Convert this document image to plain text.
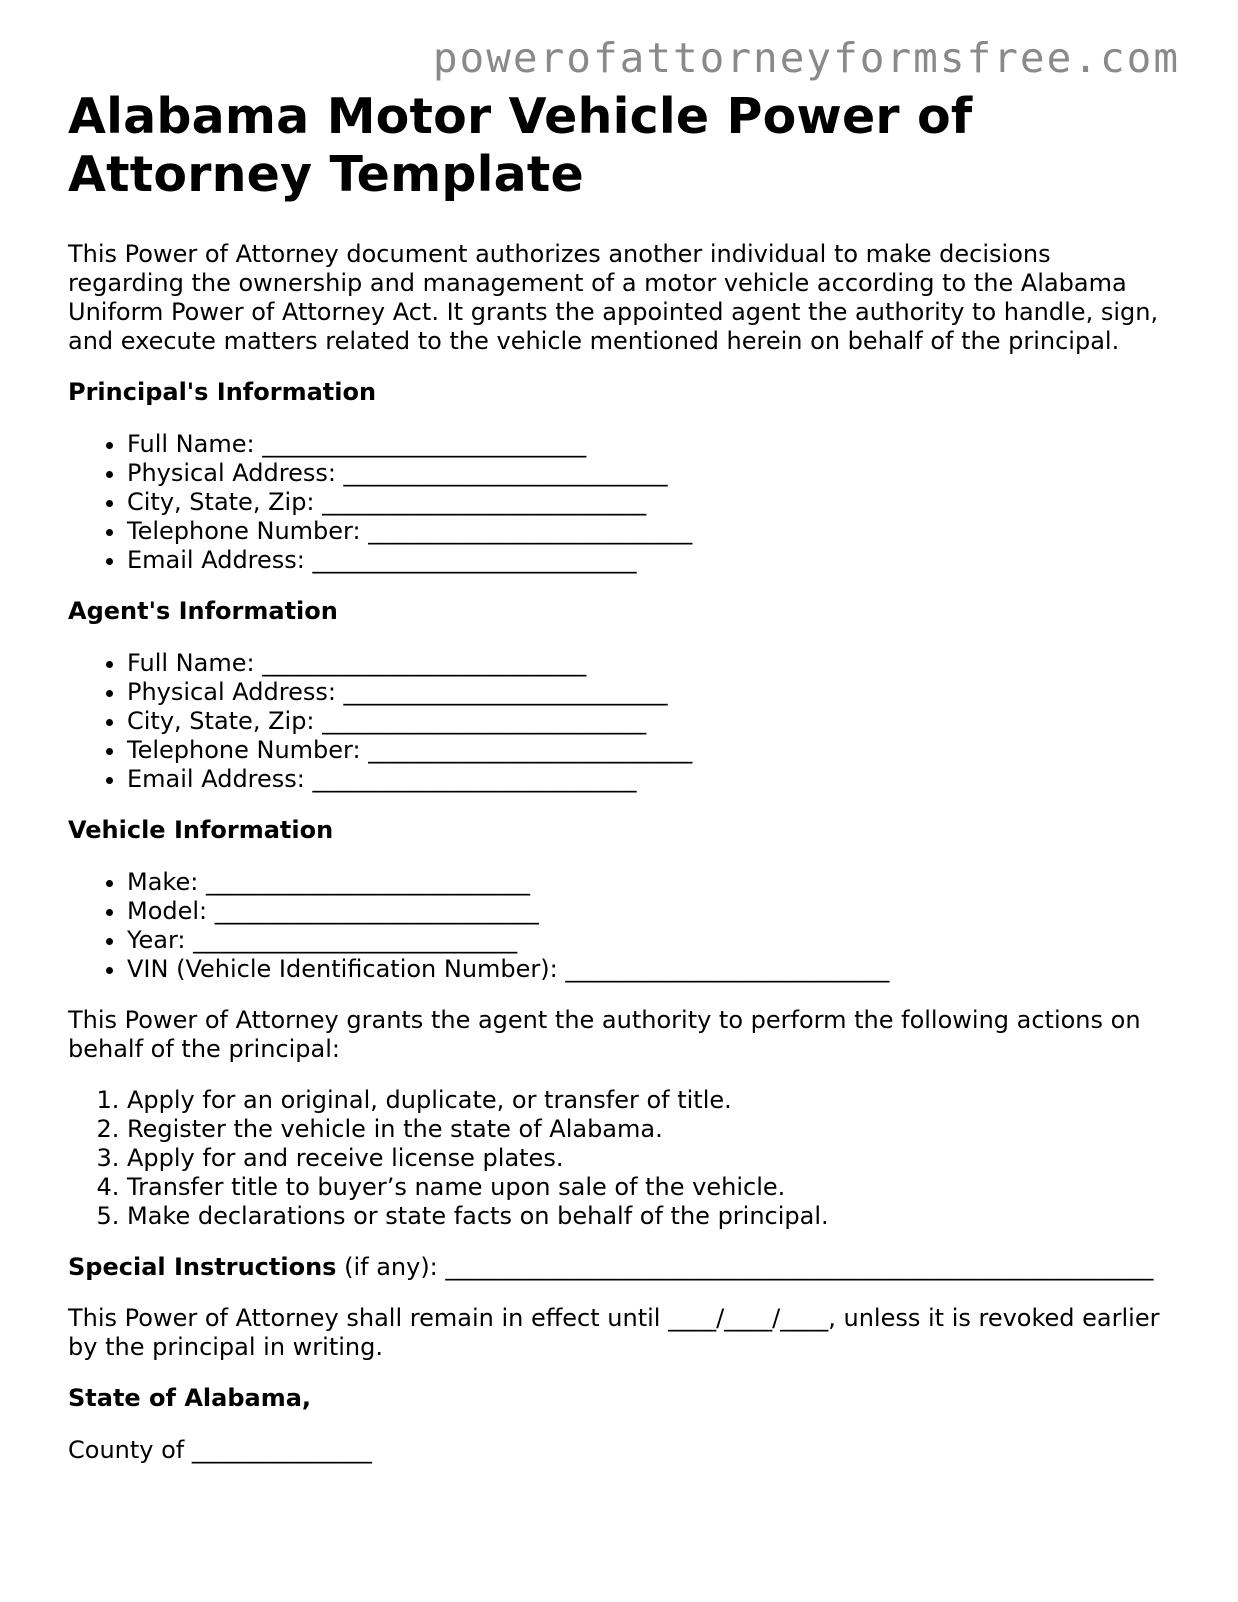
powerofattorneyformsfree.com
Alabama Motor Vehicle Power of Attorney Template

This Power of Attorney document authorizes another individual to make decisions regarding the ownership and management of a motor vehicle according to the Alabama Uniform Power of Attorney Act. It grants the appointed agent the authority to handle, sign, and execute matters related to the vehicle mentioned herein on behalf of the principal.

Principal's Information

• Full Name: ___________________________
• Physical Address: ___________________________
• City, State, Zip: ___________________________
• Telephone Number: ___________________________
• Email Address: ___________________________

Agent's Information

• Full Name: ___________________________
• Physical Address: ___________________________
• City, State, Zip: ___________________________
• Telephone Number: ___________________________
• Email Address: ___________________________

Vehicle Information

• Make: ___________________________
• Model: ___________________________
• Year: ___________________________
• VIN (Vehicle Identification Number): ___________________________

This Power of Attorney grants the agent the authority to perform the following actions on behalf of the principal:

1. Apply for an original, duplicate, or transfer of title.
2. Register the vehicle in the state of Alabama.
3. Apply for and receive license plates.
4. Transfer title to buyer’s name upon sale of the vehicle.
5. Make declarations or state facts on behalf of the principal.

Special Instructions (if any): ___________________________________________________________

This Power of Attorney shall remain in effect until ____/____/____, unless it is revoked earlier by the principal in writing.

State of Alabama,

County of _______________
